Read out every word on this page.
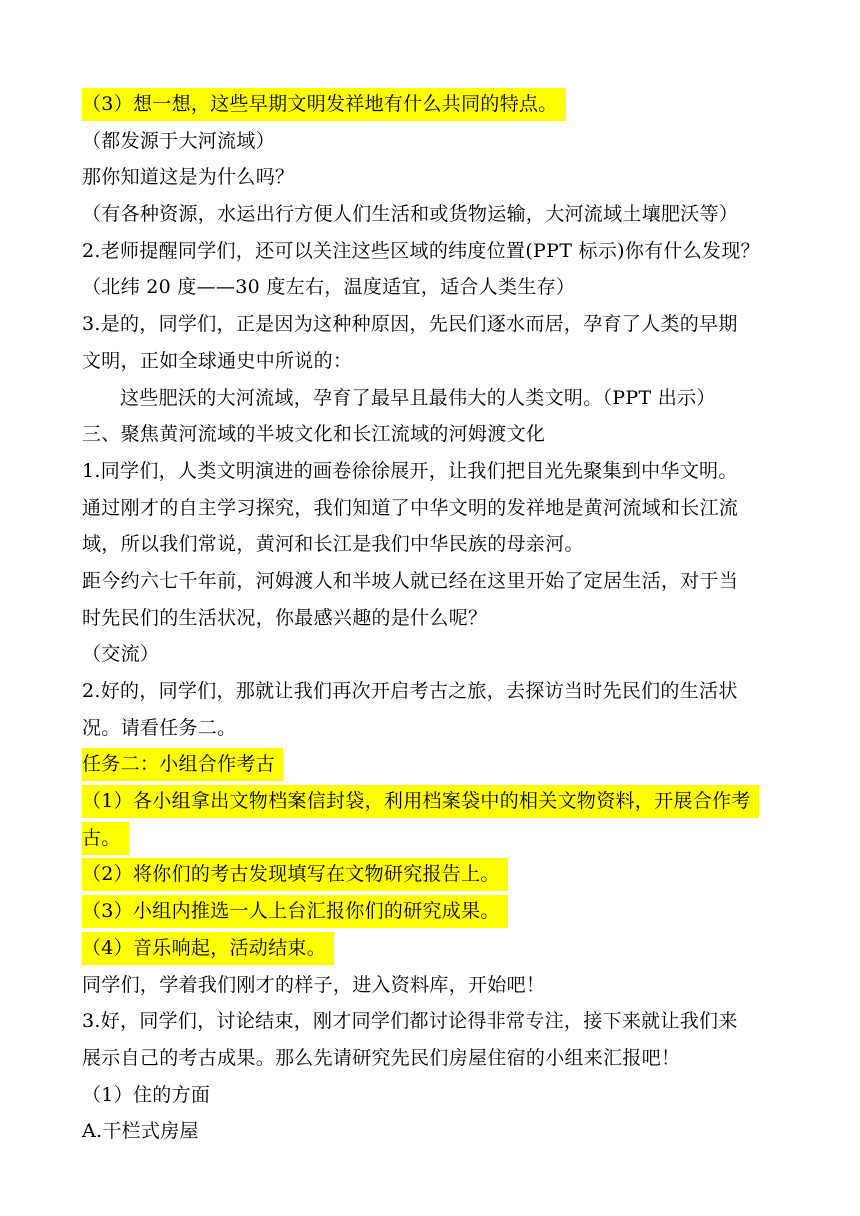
（3）想一想，这些早期文明发祥地有什么共同的特点。
（都发源于大河流域）
那你知道这是为什么吗？
（有各种资源，水运出行方便人们生活和或货物运输，大河流域土壤肥沃等）
2.老师提醒同学们，还可以关注这些区域的纬度位置(PPT 标示)你有什么发现？
（北纬 20 度——30 度左右，温度适宜，适合人类生存）
3.是的，同学们，正是因为这种种原因，先民们逐水而居，孕育了人类的早期
文明，正如全球通史中所说的：
这些肥沃的大河流域，孕育了最早且最伟大的人类文明。（PPT 出示）
三、聚焦黄河流域的半坡文化和长江流域的河姆渡文化
1.同学们，人类文明演进的画卷徐徐展开，让我们把目光先聚集到中华文明。
通过刚才的自主学习探究，我们知道了中华文明的发祥地是黄河流域和长江流
域，所以我们常说，黄河和长江是我们中华民族的母亲河。
距今约六七千年前，河姆渡人和半坡人就已经在这里开始了定居生活，对于当
时先民们的生活状况，你最感兴趣的是什么呢？
（交流）
2.好的，同学们，那就让我们再次开启考古之旅，去探访当时先民们的生活状
况。请看任务二。
任务二：小组合作考古
（1）各小组拿出文物档案信封袋，利用档案袋中的相关文物资料，开展合作考
古。
（2）将你们的考古发现填写在文物研究报告上。
（3）小组内推选一人上台汇报你们的研究成果。
（4）音乐响起，活动结束。
同学们，学着我们刚才的样子，进入资料库，开始吧！
3.好，同学们，讨论结束，刚才同学们都讨论得非常专注，接下来就让我们来
展示自己的考古成果。那么先请研究先民们房屋住宿的小组来汇报吧！
（1）住的方面
A.干栏式房屋
